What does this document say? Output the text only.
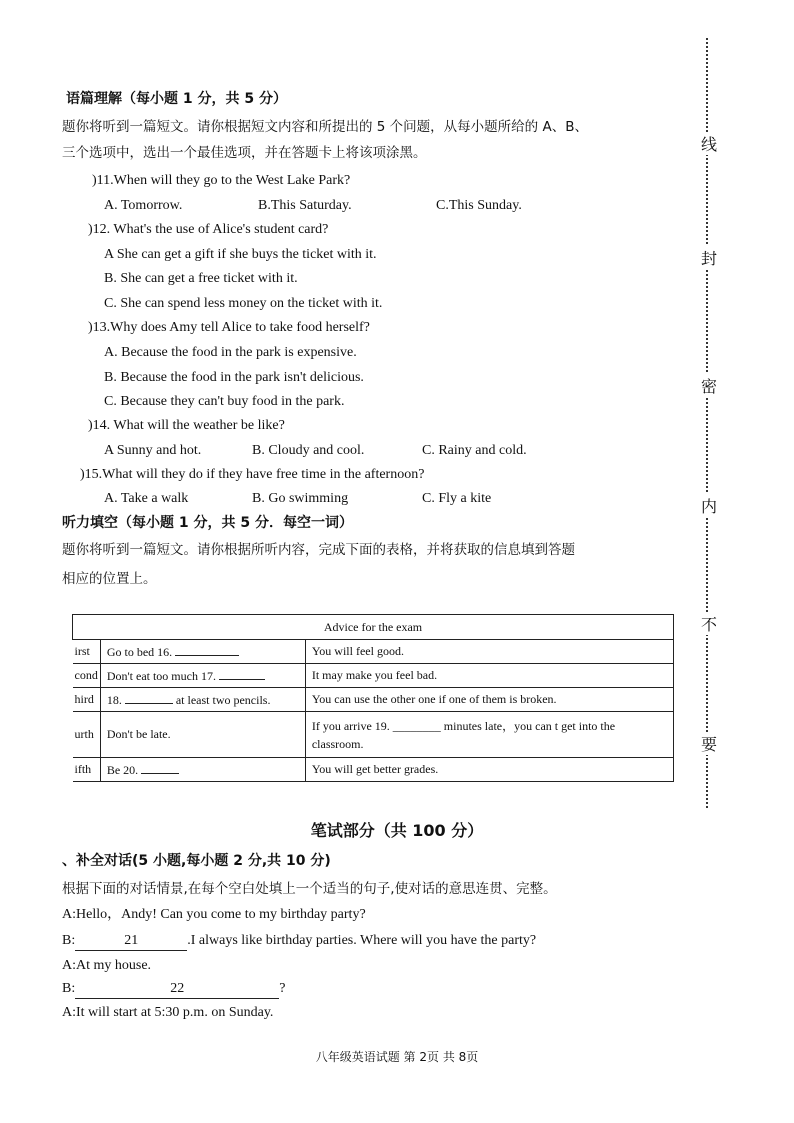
语篇理解（每小题 1 分，共 5 分）
题你将听到一篇短文。请你根据短文内容和所提出的 5 个问题，从每小题所给的 A、B、
三个选项中，选出一个最佳选项，并在答题卡上将该项涂黑。
)11.When will they go to the West Lake Park?
A. Tomorrow.	B.This Saturday.	C.This Sunday.
)12. What's the use of Alice's student card?
A She can get a gift if she buys the ticket with it.
B. She can get a free ticket with it.
C. She can spend less money on the ticket with it.
)13.Why does Amy tell Alice to take food herself?
A. Because the food in the park is expensive.
B. Because the food in the park isn't delicious.
C. Because they can't buy food in the park.
)14. What will the weather be like?
A Sunny and hot.	B. Cloudy and cool.	C. Rainy and cold.
)15.What will they do if they have free time in the afternoon?
A. Take a walk	B. Go swimming	C. Fly a kite
听力填空（每小题 1 分，共 5 分．每空一词）
题你将听到一篇短文。请你根据所听内容，完成下面的表格，并将获取的信息填到答题
相应的位置上。
Advice for the exam		
irst	Go to bed 16.	You will feel good.
cond	Don't eat too much 17.	It may make you feel bad.
hird	18. at least two pencils.	You can use the other one if one of them is broken.
urth	Don't be late.	If you arrive 19. ________ minutes late，you can t get into the classroom.
ifth	Be 20.	You will get better grades.
笔试部分（共 100 分）
、补全对话(5 小题,每小题 2 分,共 10 分)
根据下面的对话情景,在每个空白处填上一个适当的句子,使对话的意思连贯、完整。
A:Hello，Andy! Can you come to my birthday party?
B:	21	.I always like birthday parties. Where will you have the party?
A:At my house.
B:	22	?
A:It will start at 5:30 p.m. on Sunday.
线
封
密
内
不
要
八年级英语试题 第 2页 共 8页
